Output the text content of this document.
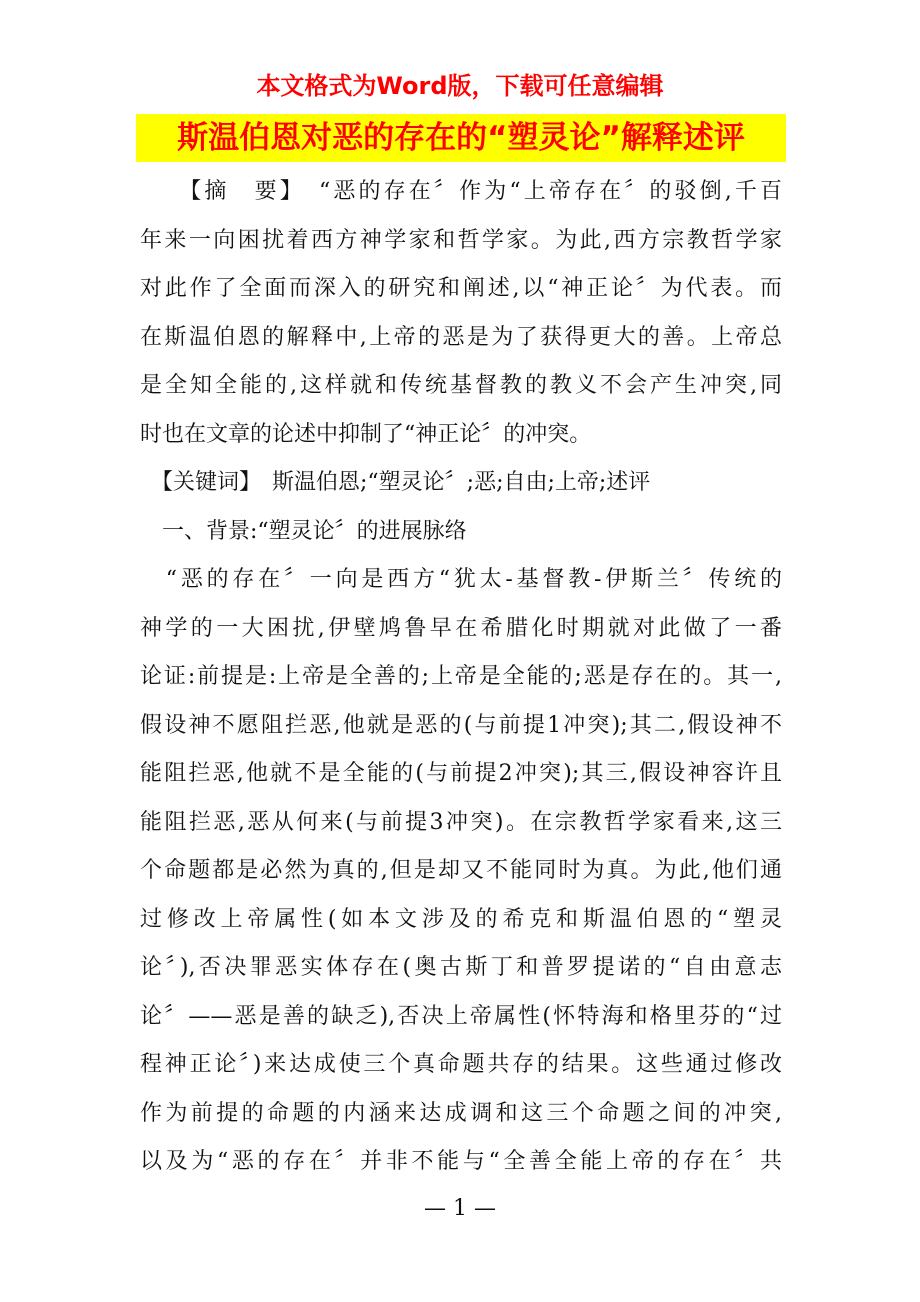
本文格式为Word版，下载可任意编辑
斯温伯恩对恶的存在的“塑灵论”解释述评
　　【摘　要】　“恶的存在〞作为“上帝存在〞的驳倒,千百
年来一向困扰着西方神学家和哲学家。为此,西方宗教哲学家
对此作了全面而深入的研究和阐述,以“神正论〞为代表。而
在斯温伯恩的解释中,上帝的恶是为了获得更大的善。上帝总
是全知全能的,这样就和传统基督教的教义不会产生冲突,同
时也在文章的论述中抑制了“神正论〞的冲突。
　【关键词】　斯温伯恩;“塑灵论〞;恶;自由;上帝;述评
　一、背景:“塑灵论〞的进展脉络
　“恶的存在〞一向是西方“犹太-基督教-伊斯兰〞传统的
神学的一大困扰,伊壁鸠鲁早在希腊化时期就对此做了一番
论证:前提是:上帝是全善的;上帝是全能的;恶是存在的。其一,
假设神不愿阻拦恶,他就是恶的(与前提1冲突);其二,假设神不
能阻拦恶,他就不是全能的(与前提2冲突);其三,假设神容许且
能阻拦恶,恶从何来(与前提3冲突)。在宗教哲学家看来,这三
个命题都是必然为真的,但是却又不能同时为真。为此,他们通
过修改上帝属性(如本文涉及的希克和斯温伯恩的“塑灵
论〞),否决罪恶实体存在(奥古斯丁和普罗提诺的“自由意志
论〞——恶是善的缺乏),否决上帝属性(怀特海和格里芬的“过
程神正论〞)来达成使三个真命题共存的结果。这些通过修改
作为前提的命题的内涵来达成调和这三个命题之间的冲突,
以及为“恶的存在〞并非不能与“全善全能上帝的存在〞共
— 1 —
